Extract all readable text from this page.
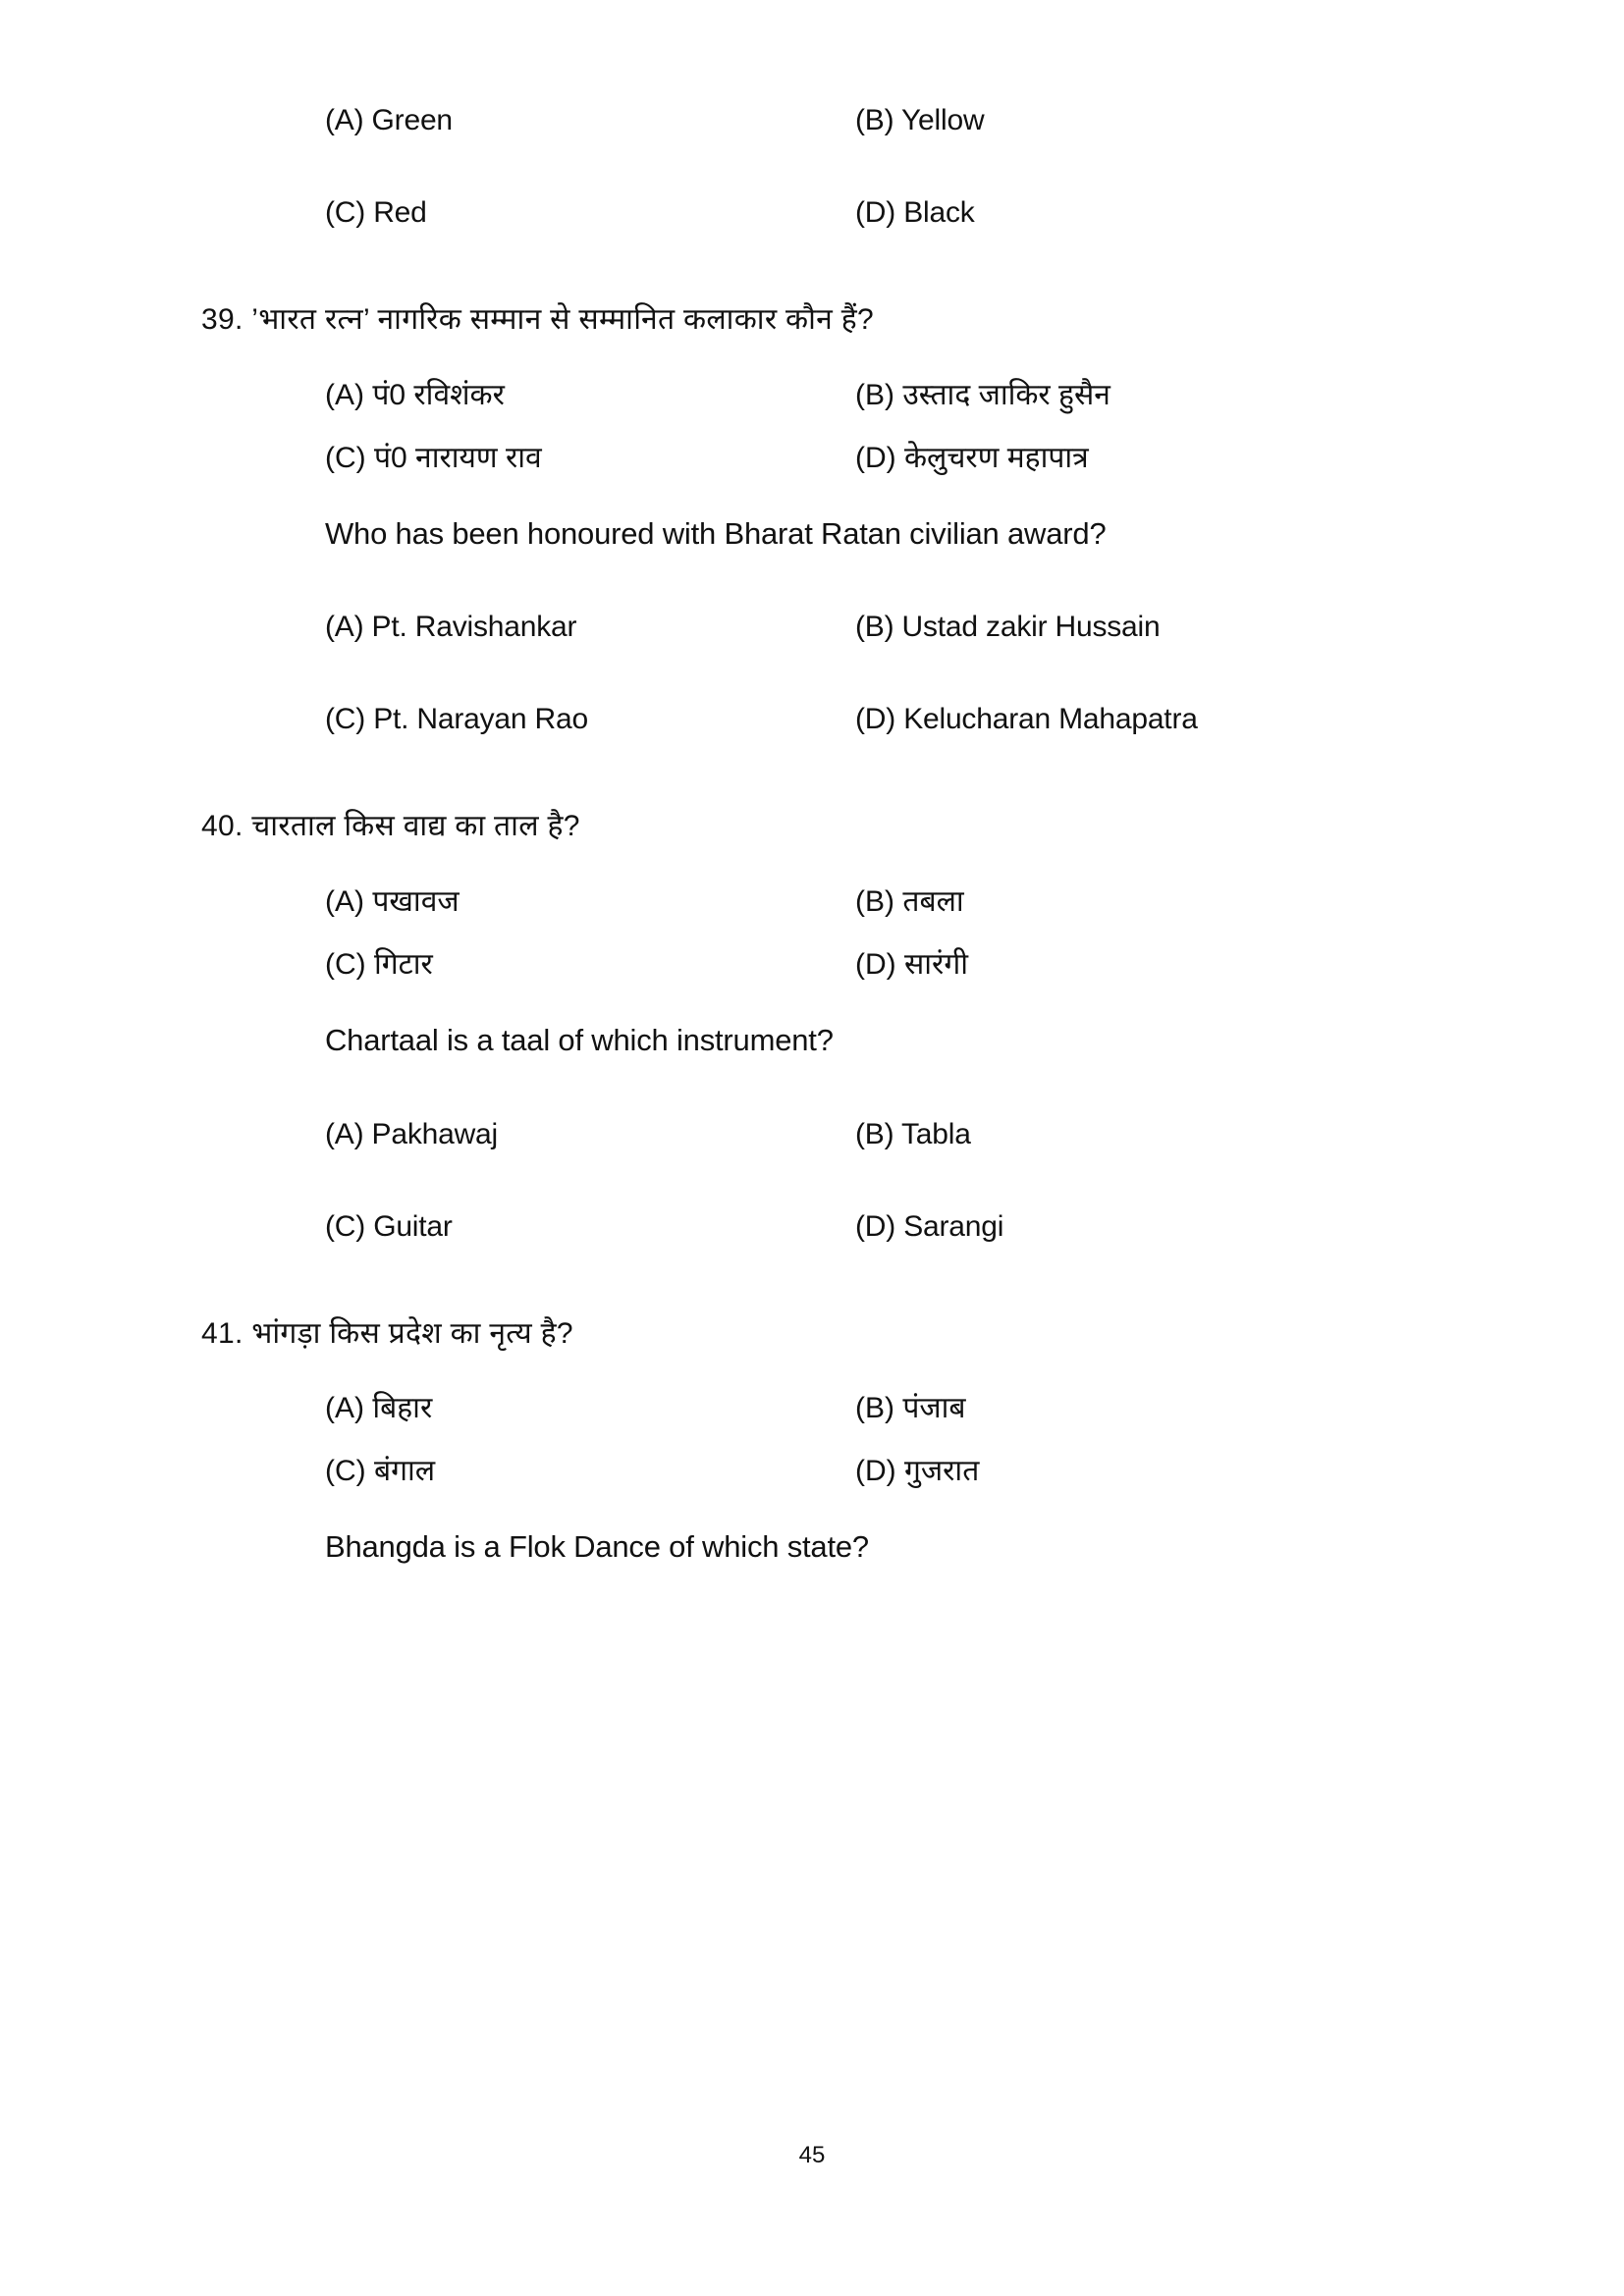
(A) Green	(B) Yellow
(C) Red	(D) Black
39. ’भारत रत्न’ नागरिक सम्मान से सम्मानित कलाकार कौन हैं?
(A) पं0 रविशंकर	(B) उस्ताद जाकिर हुसैन
(C) पं0 नारायण राव	(D) केलुचरण महापात्र
Who has been honoured with Bharat Ratan civilian award?
(A) Pt. Ravishankar	(B) Ustad zakir Hussain
(C) Pt. Narayan Rao	(D) Kelucharan Mahapatra
40. चारताल किस वाद्य का ताल है?
(A) पखावज	(B) तबला
(C) गिटार	(D) सारंगी
Chartaal is a taal of which instrument?
(A) Pakhawaj	(B) Tabla
(C) Guitar	(D) Sarangi
41. भांगड़ा किस प्रदेश का नृत्य है?
(A) बिहार	(B) पंजाब
(C) बंगाल	(D) गुजरात
Bhangda is a Flok Dance of which state?
45
